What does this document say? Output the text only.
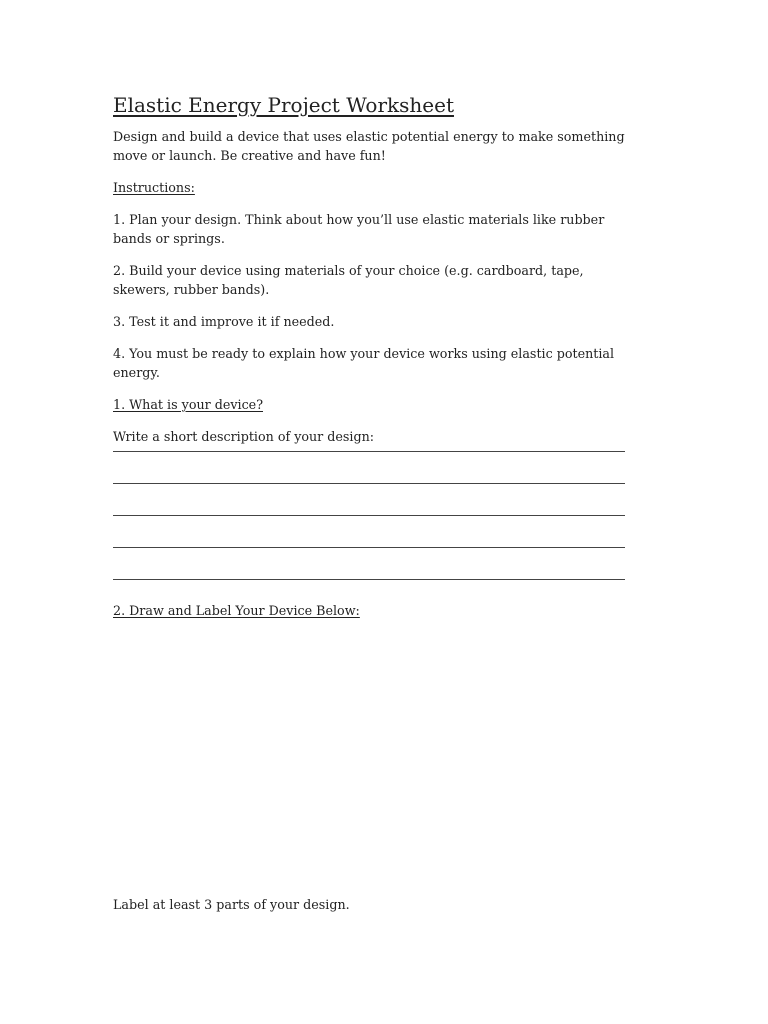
Elastic Energy Project Worksheet

Design and build a device that uses elastic potential energy to make something move or launch. Be creative and have fun!

Instructions:

1. Plan your design. Think about how you’ll use elastic materials like rubber bands or springs.

2. Build your device using materials of your choice (e.g. cardboard, tape, skewers, rubber bands).

3. Test it and improve it if needed.

4. You must be ready to explain how your device works using elastic potential energy.

1. What is your device?

Write a short description of your design:

2. Draw and Label Your Device Below:

Label at least 3 parts of your design.
